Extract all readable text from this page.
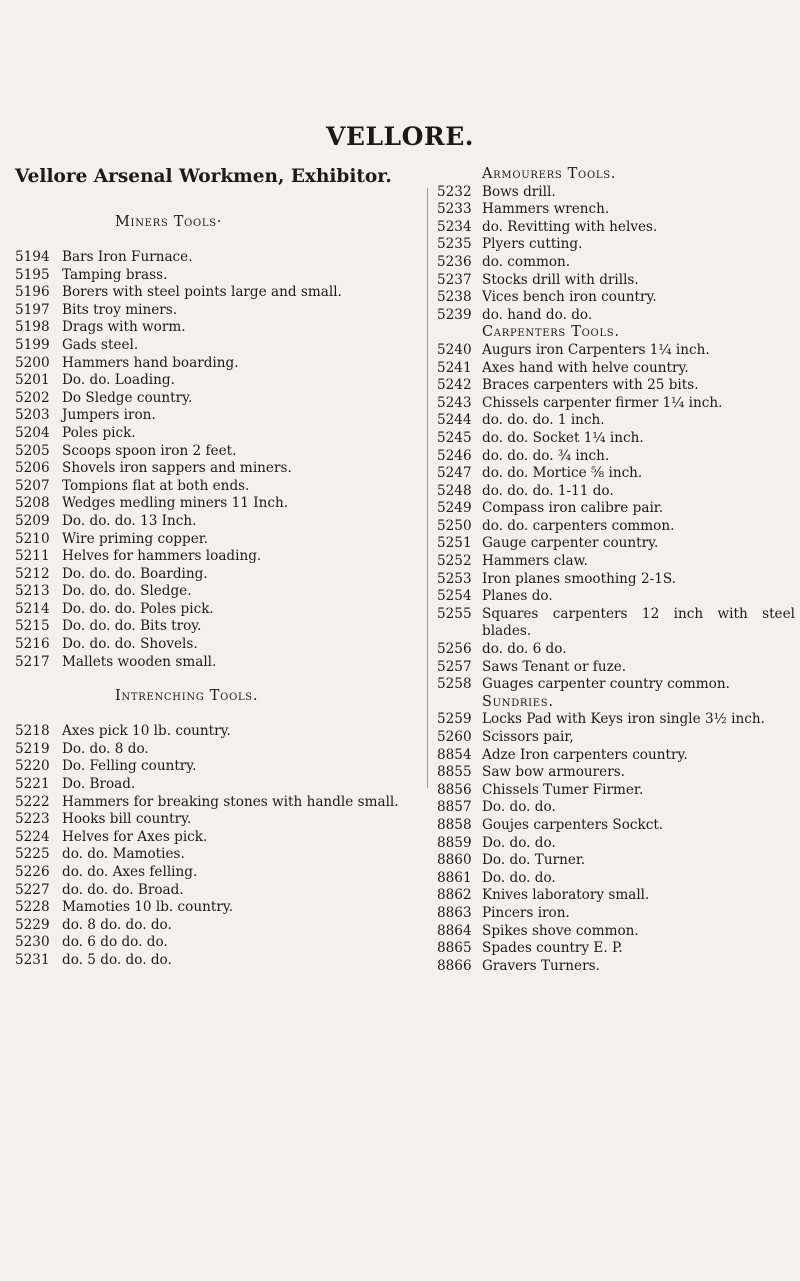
VELLORE.
Vellore Arsenal Workmen, Exhibitor.
Miners Tools·
5194 Bars Iron Furnace.
5195 Tamping brass.
5196 Borers with steel points large and small.
5197 Bits troy miners.
5198 Drags with worm.
5199 Gads steel.
5200 Hammers hand boarding.
5201 Do. do. Loading.
5202 Do Sledge country.
5203 Jumpers iron.
5204 Poles pick.
5205 Scoops spoon iron 2 feet.
5206 Shovels iron sappers and miners.
5207 Tompions flat at both ends.
5208 Wedges medling miners 11 Inch.
5209 Do. do. do. 13 Inch.
5210 Wire priming copper.
5211 Helves for hammers loading.
5212 Do. do. do. Boarding.
5213 Do. do. do. Sledge.
5214 Do. do. do. Poles pick.
5215 Do. do. do. Bits troy.
5216 Do. do. do. Shovels.
5217 Mallets wooden small.
Intrenching Tools.
5218 Axes pick 10 lb. country.
5219 Do. do. 8 do.
5220 Do. Felling country.
5221 Do. Broad.
5222 Hammers for breaking stones with handle small.
5223 Hooks bill country.
5224 Helves for Axes pick.
5225 do. do. Mamoties.
5226 do. do. Axes felling.
5227 do. do. do. Broad.
5228 Mamoties 10 lb. country.
5229 do. 8 do. do. do.
5230 do. 6 do do. do.
5231 do. 5 do. do. do.
Armourers Tools.
5232 Bows drill.
5233 Hammers wrench.
5234 do. Revitting with helves.
5235 Plyers cutting.
5236 do. common.
5237 Stocks drill with drills.
5238 Vices bench iron country.
5239 do. hand do. do.
Carpenters Tools.
5240 Augurs iron Carpenters 1¼ inch.
5241 Axes hand with helve country.
5242 Braces carpenters with 25 bits.
5243 Chissels carpenter firmer 1¼ inch.
5244 do. do. do. 1 inch.
5245 do. do. Socket 1¼ inch.
5246 do. do. do. ¾ inch.
5247 do. do. Mortice ⅝ inch.
5248 do. do. do. 1-11 do.
5249 Compass iron calibre pair.
5250 do. do. carpenters common.
5251 Gauge carpenter country.
5252 Hammers claw.
5253 Iron planes smoothing 2-1S.
5254 Planes do.
5255 Squares carpenters 12 inch with steel blades.
5256 do. do. 6 do.
5257 Saws Tenant or fuze.
5258 Guages carpenter country common.
Sundries.
5259 Locks Pad with Keys iron single 3½ inch.
5260 Scissors pair,
8854 Adze Iron carpenters country.
8855 Saw bow armourers.
8856 Chissels Tumer Firmer.
8857 Do. do. do.
8858 Goujes carpenters Sockct.
8859 Do. do. do.
8860 Do. do. Turner.
8861 Do. do. do.
8862 Knives laboratory small.
8863 Pincers iron.
8864 Spikes shove common.
8865 Spades country E. P.
8866 Gravers Turners.
